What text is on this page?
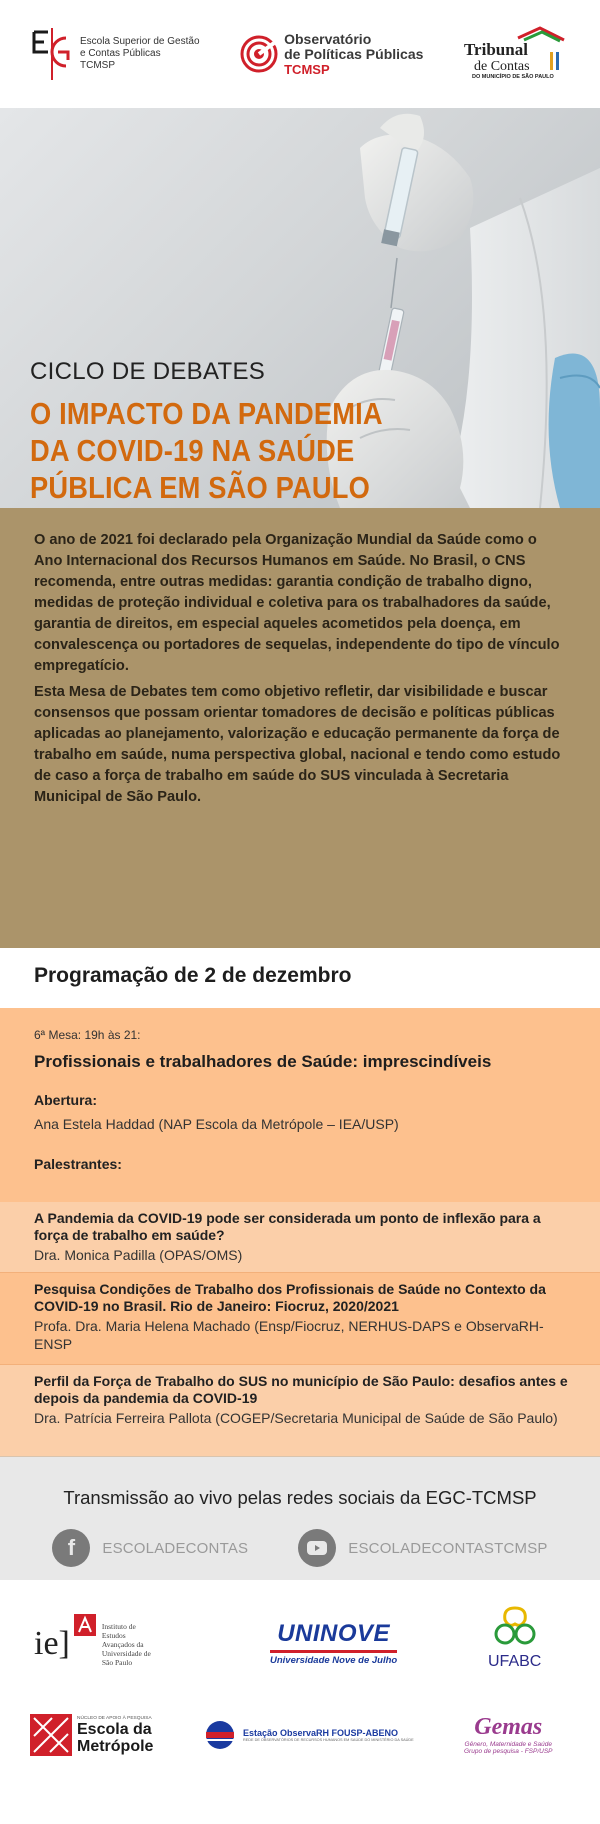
Escola Superior de Gestão
e Contas Públicas
TCMSP
Observatório
de Políticas Públicas
TCMSP
Tribunal
de Contas
DO MUNICÍPIO DE SÃO PAULO
CICLO DE DEBATES
O IMPACTO DA PANDEMIA
DA COVID-19 NA SAÚDE
PÚBLICA EM SÃO PAULO

O ano de 2021 foi declarado pela Organização Mundial da Saúde como o Ano Internacional dos Recursos Humanos em Saúde. No Brasil, o CNS recomenda, entre outras medidas: garantia condição de trabalho digno, medidas de proteção individual e coletiva para os trabalhadores da saúde, garantia de direitos, em especial aqueles acometidos pela doença, em convalescença ou portadores de sequelas, independente do tipo de vínculo empregatício.

Esta Mesa de Debates tem como objetivo refletir, dar visibilidade e buscar consensos que possam orientar tomadores de decisão e políticas públicas aplicadas ao planejamento, valorização e educação permanente da força de trabalho em saúde, numa perspectiva global, nacional e tendo como estudo de caso a força de trabalho em saúde do SUS vinculada à Secretaria Municipal de São Paulo.

Programação de 2 de dezembro
6ª Mesa: 19h às 21:
Profissionais e trabalhadores de Saúde: imprescindíveis
Abertura:
Ana Estela Haddad (NAP Escola da Metrópole – IEA/USP)
Palestrantes:
A Pandemia da COVID-19 pode ser considerada um ponto de inflexão para a força de trabalho em saúde?
Dra. Monica Padilla (OPAS/OMS)
Pesquisa Condições de Trabalho dos Profissionais de Saúde no Contexto da COVID-19 no Brasil. Rio de Janeiro: Fiocruz, 2020/2021
Profa. Dra. Maria Helena Machado (Ensp/Fiocruz, NERHUS-DAPS e ObservaRH-ENSP
Perfil da Força de Trabalho do SUS no município de São Paulo: desafios antes e depois da pandemia da COVID-19
Dra. Patrícia Ferreira Pallota (COGEP/Secretaria Municipal de Saúde de São Paulo)
Transmissão ao vivo pelas redes sociais da EGC-TCMSP
f	ESCOLADECONTAS	ESCOLADECONTASTCMSP
ie]	Instituto de
Estudos
Avançados da
Universidade de
São Paulo
UNINOVE
Universidade Nove de Julho	UFABC
NÚCLEO DE APOIO À PESQUISA
Escola da
Metrópole
Estação ObservaRH FOUSP-ABENO
REDE DE OBSERVATÓRIOS DE RECURSOS HUMANOS EM SAÚDE DO MINISTÉRIO DA SAÚDE	Gemas
Gênero, Maternidade e Saúde
Grupo de pesquisa - FSP/USP
